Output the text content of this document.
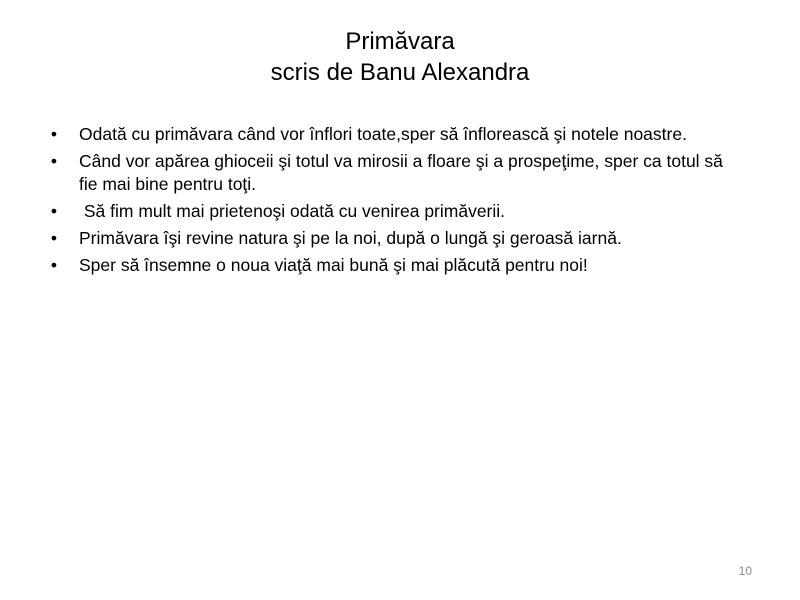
Primăvara
scris de Banu Alexandra
• Odată cu primăvara când vor înflori toate,sper să înflorească şi notele noastre.
• Când vor apărea ghioceii şi totul va mirosii a floare şi a prospeţime, sper ca totul să fie mai bine pentru toţi.
• Să fim mult mai prietenoşi odată cu venirea primăverii.
• Primăvara îşi revine natura şi pe la noi, după o lungă şi geroasă iarnă.
• Sper să însemne o noua viaţă mai bună şi mai plăcută pentru noi!
10
